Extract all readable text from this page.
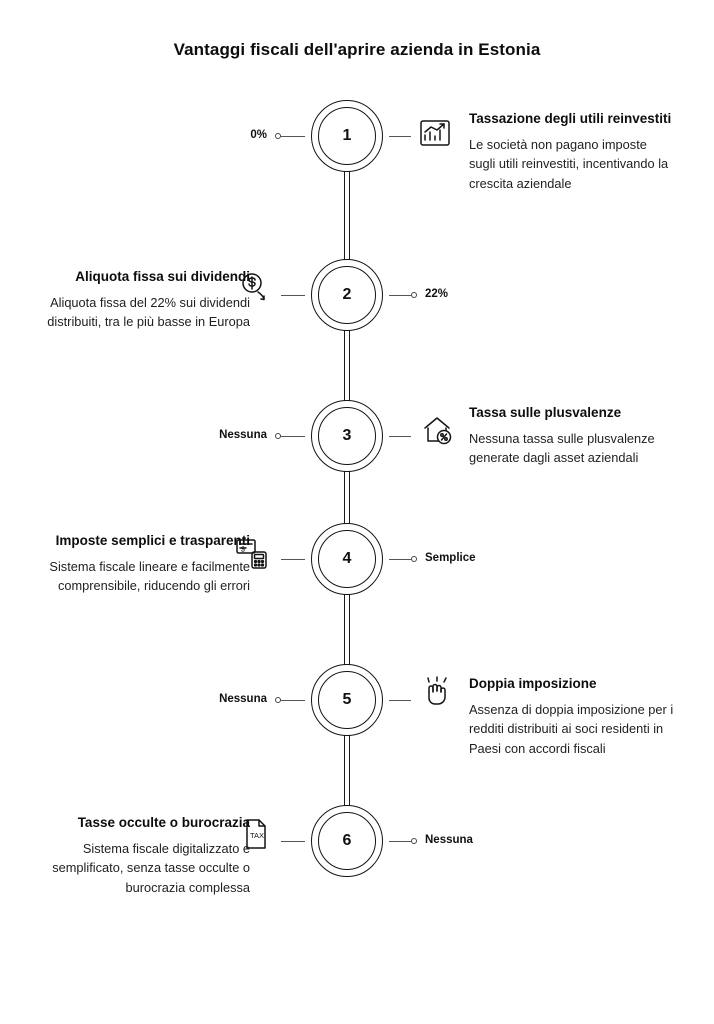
Vantaggi fiscali dell'aprire azienda in Estonia
1
0%

Tassazione degli utili reinvestiti

Le società non pagano imposte sugli utili reinvestiti, incentivando la crescita aziendale

2	22%

Aliquota fissa sui dividendi

Aliquota fissa del 22% sui dividendi distribuiti, tra le più basse in Europa

3
Nessuna

Tassa sulle plusvalenze

Nessuna tassa sulle plusvalenze generate dagli asset aziendali

4	Semplice
$

Imposte semplici e trasparenti

Sistema fiscale lineare e facilmente comprensibile, riducendo gli errori

5
Nessuna

Doppia imposizione

Assenza di doppia imposizione per i redditi distribuiti ai soci residenti in Paesi con accordi fiscali

6	Nessuna
TAX

Tasse occulte o burocrazia

Sistema fiscale digitalizzato e semplificato, senza tasse occulte o burocrazia complessa
